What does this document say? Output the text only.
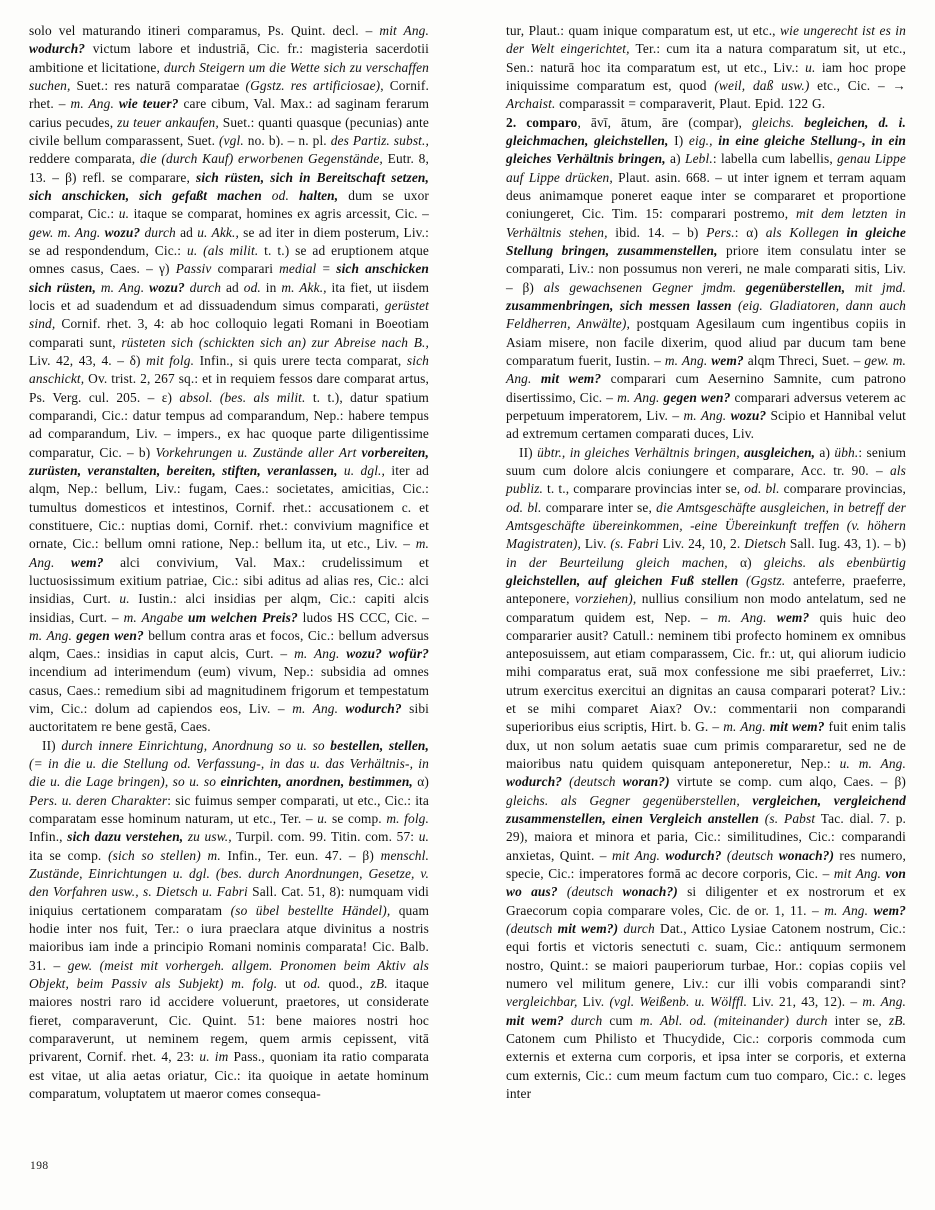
solo vel maturando itineri comparamus, Ps. Quint. decl. – mit Ang. wodurch? victum labore et industriā, Cic. fr.: magisteria sacerdotii ambitione et licitatione, durch Steigern um die Wette sich zu verschaffen suchen, Suet.: res naturā comparatae (Ggstz. res artificiosae), Cornif. rhet. – m. Ang. wie teuer? care cibum, Val. Max.: ad saginam ferarum carius pecudes, zu teuer ankaufen, Suet.: quanti quasque (pecunias) ante civile bellum comparassent, Suet. (vgl. no. b). – n. pl. des Partiz. subst., reddere comparata, die (durch Kauf) erworbenen Gegenstände, Eutr. 8, 13. – β) refl. se comparare, sich rüsten, sich in Bereitschaft setzen, sich anschicken, sich gefaßt machen od. halten, dum se uxor comparat, Cic.: u. itaque se comparat, homines ex agris arcessit, Cic. – gew. m. Ang. wozu? durch ad u. Akk., se ad iter in diem posterum, Liv.: se ad respondendum, Cic.: u. (als milit. t. t.) se ad eruptionem atque omnes casus, Caes. – γ) Passiv comparari medial = sich anschicken sich rüsten, m. Ang. wozu? durch ad od. in m. Akk., ita fiet, ut iisdem locis et ad suadendum et ad dissuadendum simus comparati, gerüstet sind, Cornif. rhet. 3, 4: ab hoc colloquio legati Romani in Boeotiam comparati sunt, rüsteten sich (schickten sich an) zur Abreise nach B., Liv. 42, 43, 4. – δ) mit folg. Infin., si quis urere tecta comparat, sich anschickt, Ov. trist. 2, 267 sq.: et in requiem fessos dare comparat artus, Ps. Verg. cul. 205. – ε) absol. (bes. als milit. t. t.), datur spatium comparandi, Cic.: datur tempus ad comparandum, Nep.: habere tempus ad comparandum, Liv. – impers., ex hac quoque parte diligentissime comparatur, Cic. – b) Vorkehrungen u. Zustände aller Art vorbereiten, zurüsten, veranstalten, bereiten, stiften, veranlassen, u. dgl., iter ad alqm, Nep.: bellum, Liv.: fugam, Caes.: societates, amicitias, Cic.: tumultus domesticos et intestinos, Cornif. rhet.: accusationem c. et constituere, Cic.: nuptias domi, Cornif. rhet.: convivium magnifice et ornate, Cic.: bellum omni ratione, Nep.: bellum ita, ut etc., Liv. – m. Ang. wem? alci convivium, Val. Max.: crudelissimum et luctuosissimum exitium patriae, Cic.: sibi aditus ad alias res, Cic.: alci insidias, Curt. u. Iustin.: alci insidias per alqm, Cic.: capiti alcis insidias, Curt. – m. Angabe um welchen Preis? ludos HS CCC, Cic. – m. Ang. gegen wen? bellum contra aras et focos, Cic.: bellum adversus alqm, Caes.: insidias in caput alcis, Curt. – m. Ang. wozu? wofür? incendium ad interimendum (eum) vivum, Nep.: subsidia ad omnes casus, Caes.: remedium sibi ad magnitudinem frigorum et tempestatum vim, Cic.: dolum ad capiendos eos, Liv. – m. Ang. wodurch? sibi auctoritatem re bene gestā, Caes.

II) durch innere Einrichtung, Anordnung so u. so bestellen, stellen, (= in die u. die Stellung od. Verfassung-, in das u. das Verhältnis-, in die u. die Lage bringen), so u. so einrichten, anordnen, bestimmen, α) Pers. u. deren Charakter: sic fuimus semper comparati, ut etc., Cic.: ita comparatam esse hominum naturam, ut etc., Ter. – u. se comp. m. folg. Infin., sich dazu verstehen, zu usw., Turpil. com. 99. Titin. com. 57: u. ita se comp. (sich so stellen) m. Infin., Ter. eun. 47. – β) menschl. Zustände, Einrichtungen u. dgl. (bes. durch Anordnungen, Gesetze, v. den Vorfahren usw., s. Dietsch u. Fabri Sall. Cat. 51, 8): numquam vidi iniquius certationem comparatam (so übel bestellte Händel), quam hodie inter nos fuit, Ter.: o iura praeclara atque divinitus a nostris maioribus iam inde a principio Romani nominis comparata! Cic. Balb. 31. – gew. (meist mit vorhergeh. allgem. Pronomen beim Aktiv als Objekt, beim Passiv als Subjekt) m. folg. ut od. quod., zB. itaque maiores nostri raro id accidere voluerunt, praetores, ut considerate fieret, comparaverunt, Cic. Quint. 51: bene maiores nostri hoc comparaverunt, ut neminem regem, quem armis cepissent, vitā privarent, Cornif. rhet. 4, 23: u. im Pass., quoniam ita ratio comparata est vitae, ut alia aetas oriatur, Cic.: ita quoique in aetate hominum comparatum, voluptatem ut maeror comes consequa-

tur, Plaut.: quam inique comparatum est, ut etc., wie ungerecht ist es in der Welt eingerichtet, Ter.: cum ita a natura comparatum sit, ut etc., Sen.: naturā hoc ita comparatum est, ut etc., Liv.: u. iam hoc prope iniquissime comparatum est, quod (weil, daß usw.) etc., Cic. – → Archaist. comparassit = comparaverit, Plaut. Epid. 122 G.

2. comparo, āvī, ātum, āre (compar), gleichs. begleichen, d. i. gleichmachen, gleichstellen, I) eig., in eine gleiche Stellung-, in ein gleiches Verhältnis bringen, a) Lebl.: labella cum labellis, genau Lippe auf Lippe drücken, Plaut. asin. 668. – ut inter ignem et terram aquam deus animamque poneret eaque inter se compararet et proportione coniungeret, Cic. Tim. 15: comparari postremo, mit dem letzten in Verhältnis stehen, ibid. 14. – b) Pers.: α) als Kollegen in gleiche Stellung bringen, zusammenstellen, priore item consulatu inter se comparati, Liv.: non possumus non vereri, ne male comparati sitis, Liv. – β) als gewachsenen Gegner jmdm. gegenüberstellen, mit jmd. zusammenbringen, sich messen lassen (eig. Gladiatoren, dann auch Feldherren, Anwälte), postquam Agesilaum cum ingentibus copiis in Asiam misere, non facile dixerim, quod aliud par ducum tam bene comparatum fuerit, Iustin. – m. Ang. wem? alqm Threci, Suet. – gew. m. Ang. mit wem? comparari cum Aesernino Samnite, cum patrono disertissimo, Cic. – m. Ang. gegen wen? comparari adversus veterem ac perpetuum imperatorem, Liv. – m. Ang. wozu? Scipio et Hannibal velut ad extremum certamen comparati duces, Liv.

II) übtr., in gleiches Verhältnis bringen, ausgleichen, a) übh.: senium suum cum dolore alcis coniungere et comparare, Acc. tr. 90. – als publiz. t. t., comparare provincias inter se, od. bl. comparare provincias, od. bl. comparare inter se, die Amtsgeschäfte ausgleichen, in betreff der Amtsgeschäfte übereinkommen, -eine Übereinkunft treffen (v. höhern Magistraten), Liv. (s. Fabri Liv. 24, 10, 2. Dietsch Sall. Iug. 43, 1). – b) in der Beurteilung gleich machen, α) gleichs. als ebenbürtig gleichstellen, auf gleichen Fuß stellen (Ggstz. anteferre, praeferre, anteponere, vorziehen), nullius consilium non modo antelatum, sed ne comparatum quidem est, Nep. – m. Ang. wem? quis huic deo compararier ausit? Catull.: neminem tibi profecto hominem ex omnibus anteposuissem, aut etiam comparassem, Cic. fr.: ut, qui aliorum iudicio mihi comparatus erat, suā mox confessione me sibi praeferret, Liv.: utrum exercitus exercitui an dignitas an causa comparari poterat? Liv.: et se mihi comparet Aiax? Ov.: commentarii non comparandi superioribus eius scriptis, Hirt. b. G. – m. Ang. mit wem? fuit enim talis dux, ut non solum aetatis suae cum primis compararetur, sed ne de maioribus natu quidem quisquam anteponeretur, Nep.: u. m. Ang. wodurch? (deutsch woran?) virtute se comp. cum alqo, Caes. – β) gleichs. als Gegner gegenüberstellen, vergleichen, vergleichend zusammenstellen, einen Vergleich anstellen (s. Pabst Tac. dial. 7. p. 29), maiora et minora et paria, Cic.: similitudines, Cic.: comparandi anxietas, Quint. – mit Ang. wodurch? (deutsch wonach?) res numero, specie, Cic.: imperatores formā ac decore corporis, Cic. – mit Ang. von wo aus? (deutsch wonach?) si diligenter et ex nostrorum et ex Graecorum copia comparare voles, Cic. de or. 1, 11. – m. Ang. wem? (deutsch mit wem?) durch Dat., Attico Lysiae Catonem nostrum, Cic.: equi fortis et victoris senectuti c. suam, Cic.: antiquum sermonem nostro, Quint.: se maiori pauperiorum turbae, Hor.: copias copiis vel numero vel militum genere, Liv.: cur illi vobis comparandi sint? vergleichbar, Liv. (vgl. Weißenb. u. Wölffl. Liv. 21, 43, 12). – m. Ang. mit wem? durch cum m. Abl. od. (miteinander) durch inter se, zB. Catonem cum Philisto et Thucydide, Cic.: corporis commoda cum externis et externa cum corporis, et ipsa inter se corporis, et externa cum externis, Cic.: cum meum factum cum tuo comparo, Cic.: c. leges inter

198
